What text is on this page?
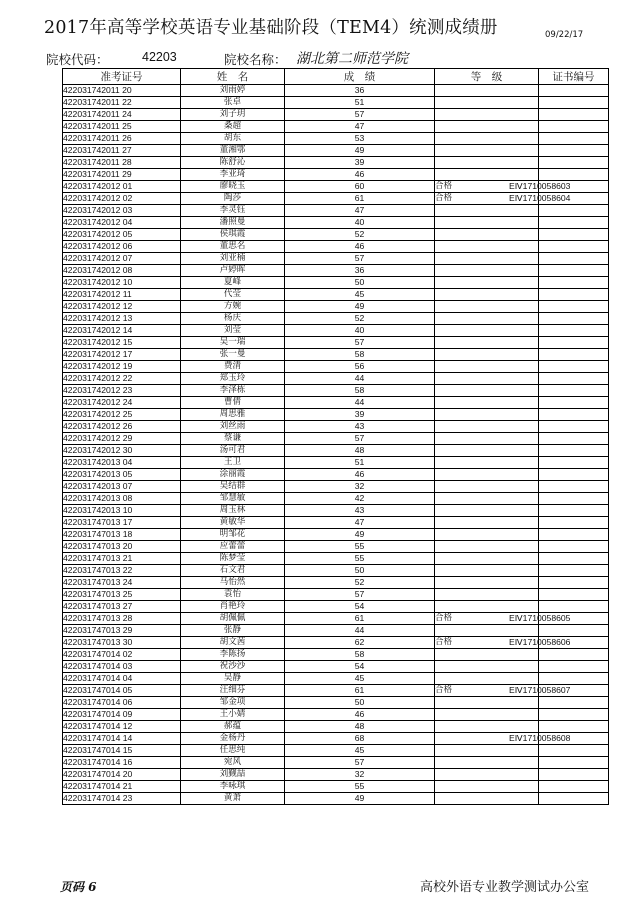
2017年高等学校英语专业基础阶段（TEM4）统测成绩册	09/22/17
院校代码：	42203	院校名称： 湖北第二师范学院
准考证号	姓　名	成　绩	等　级	证书编号
422031742011 20	刘雨婷	36		
422031742011 22	张卓	51		
422031742011 24	刘子玥	57		
422031742011 25	桑超	47		
422031742011 26	胡东	53		
422031742011 27	董湘鄂	49		
422031742011 28	陈舒沁	39		
422031742011 29	李亚琦	46		
422031742012 01	廖晓玉	60	合格	EⅣ1710058603
422031742012 02	陶莎	61	合格	EⅣ1710058604
422031742012 03	李灵钰	47		
422031742012 04	潘照曼	40		
422031742012 05	侯琪霞	52		
422031742012 06	董思名	46		
422031742012 07	刘亚楠	57		
422031742012 08	卢婷晖	36		
422031742012 10	夏峰	50		
422031742012 11	代莹	45		
422031742012 12	方婉	49		
422031742012 13	杨庆	52		
422031742012 14	刘莹	40		
422031742012 15	吴一瑞	57		
422031742012 17	张一曼	58		
422031742012 19	费清	56		
422031742012 22	郑玉玲	44		
422031742012 23	李泽栋	58		
422031742012 24	曹倩	44		
422031742012 25	周思雅	39		
422031742012 26	刘丝雨	43		
422031742012 29	蔡谦	57		
422031742012 30	汤可君	48		
422031742013 04	王卫	51		
422031742013 05	涂丽霞	46		
422031742013 07	吴结群	32		
422031742013 08	邹慧敏	42		
422031742013 10	周玉林	43		
422031747013 17	黄敏华	47		
422031747013 18	明邹花	49		
422031747013 20	应蕾蕾	55		
422031747013 21	陈梦莹	55		
422031747013 22	石文君	50		
422031747013 24	马怡然	52		
422031747013 25	袁怡	57		
422031747013 27	肖艳玲	54		
422031747013 28	胡佩佩	61	合格	EⅣ1710058605
422031747013 29	张静	44		
422031747013 30	胡文茜	62	合格	EⅣ1710058606
422031747014 02	李陈扬	58		
422031747014 03	祝沙沙	54		
422031747014 04	吴静	45		
422031747014 05	汪细芬	61	合格	EⅣ1710058607
422031747014 06	邹金项	50		
422031747014 09	王小婧	46		
422031747014 12	郝蕴	48		
422031747014 14	金杨丹	68		EⅣ1710058608
422031747014 15	任思纯	45		
422031747014 16	宛风	57		
422031747014 20	刘觐喆	32		
422031747014 21	李咏琪	55		
422031747014 23	黄萧	49		
页码 6	高校外语专业教学测试办公室
